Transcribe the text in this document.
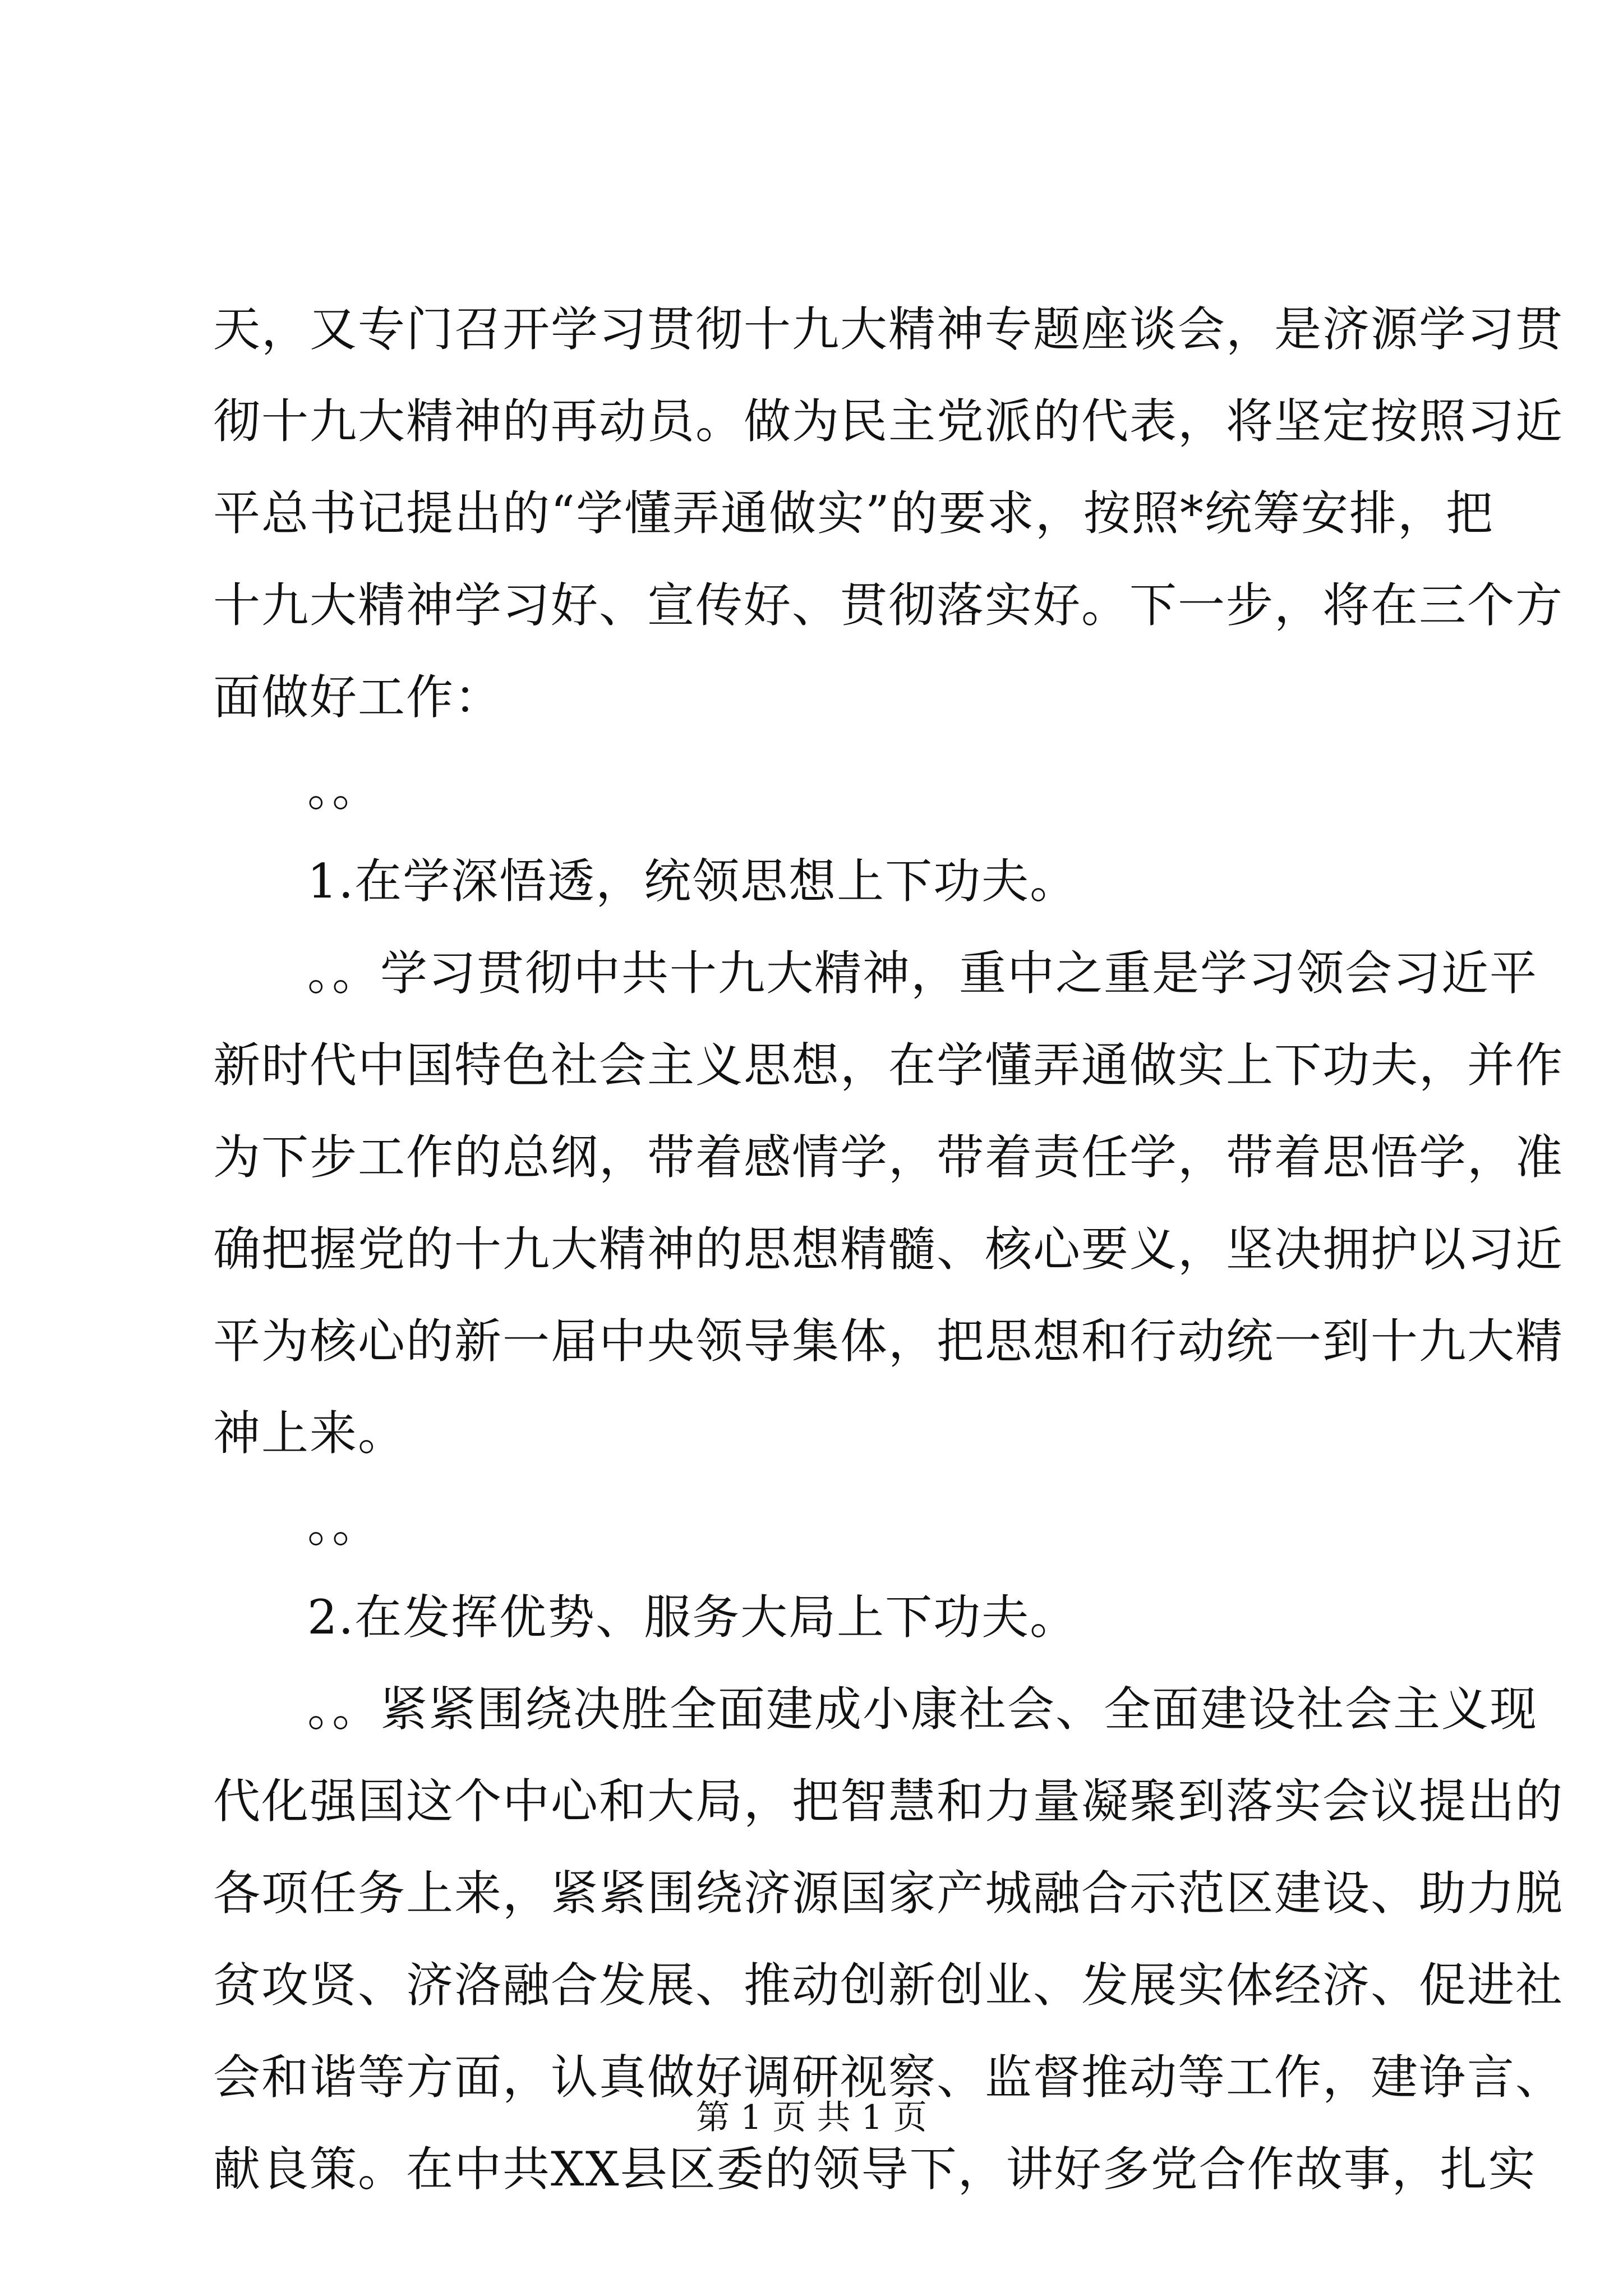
天，又专门召开学习贯彻十九大精神专题座谈会，是济源学习贯
彻十九大精神的再动员。做为民主党派的代表，将坚定按照习近
平总书记提出的“学懂弄通做实”的要求，按照*统筹安排，把
十九大精神学习好、宣传好、贯彻落实好。下一步，将在三个方
面做好工作：
。。
1.在学深悟透，统领思想上下功夫。
。。学习贯彻中共十九大精神，重中之重是学习领会习近平
新时代中国特色社会主义思想，在学懂弄通做实上下功夫，并作
为下步工作的总纲，带着感情学，带着责任学，带着思悟学，准
确把握党的十九大精神的思想精髓、核心要义，坚决拥护以习近
平为核心的新一届中央领导集体，把思想和行动统一到十九大精
神上来。
。。
2.在发挥优势、服务大局上下功夫。
。。紧紧围绕决胜全面建成小康社会、全面建设社会主义现
代化强国这个中心和大局，把智慧和力量凝聚到落实会议提出的
各项任务上来，紧紧围绕济源国家产城融合示范区建设、助力脱
贫攻贤、济洛融合发展、推动创新创业、发展实体经济、促进社
会和谐等方面，认真做好调研视察、监督推动等工作，建诤言、
献良策。在中共XX县区委的领导下，讲好多党合作故事，扎实
第 1 页 共 1 页
